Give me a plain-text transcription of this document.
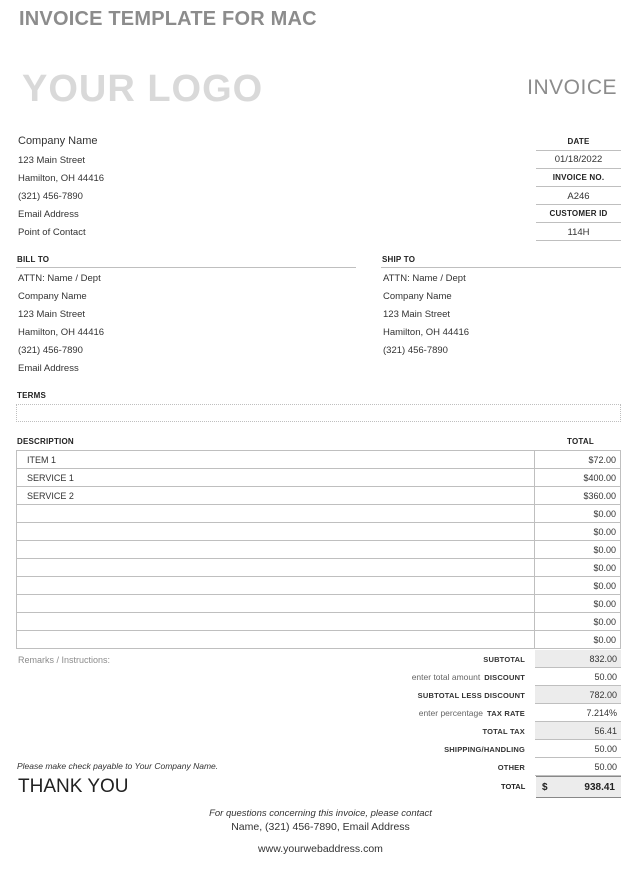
INVOICE TEMPLATE FOR MAC
YOUR LOGO	INVOICE
Company Name
123 Main Street
Hamilton, OH 44416
(321) 456-7890
Email Address
Point of Contact
DATE
01/18/2022
INVOICE NO.
A246
CUSTOMER ID
114H
BILL TO
ATTN: Name / Dept
Company Name
123 Main Street
Hamilton, OH 44416
(321) 456-7890
Email Address
SHIP TO
ATTN: Name / Dept
Company Name
123 Main Street
Hamilton, OH 44416
(321) 456-7890
TERMS
DESCRIPTION	TOTAL
ITEM 1	$72.00
SERVICE 1	$400.00
SERVICE 2	$360.00
	$0.00
	$0.00
	$0.00
	$0.00
	$0.00
	$0.00
	$0.00
	$0.00
Remarks / Instructions:	SUBTOTAL	832.00
enter total amount DISCOUNT	50.00
SUBTOTAL LESS DISCOUNT	782.00
enter percentage TAX RATE	7.214%
TOTAL TAX	56.41
SHIPPING/HANDLING	50.00
OTHER	50.00
Please make check payable to Your Company Name.
THANK YOU	TOTAL $	938.41
For questions concerning this invoice, please contact
Name, (321) 456-7890, Email Address
www.yourwebaddress.com
